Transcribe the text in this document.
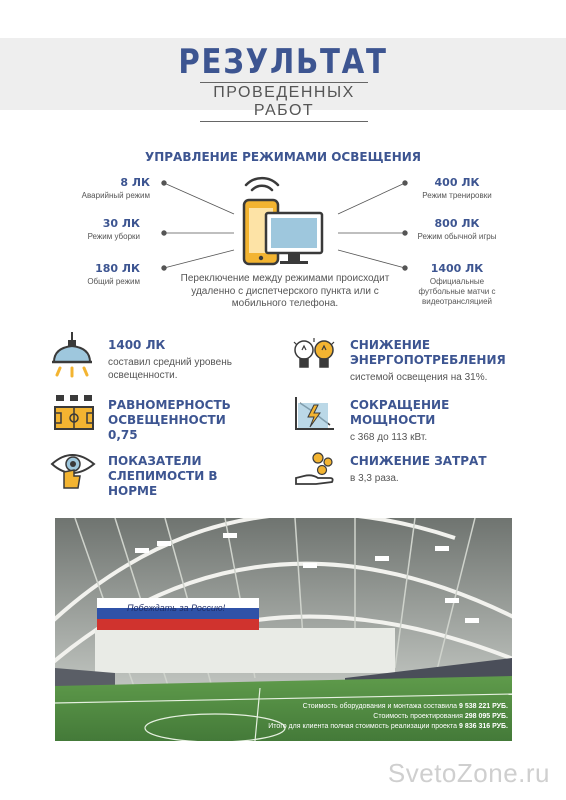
РЕЗУЛЬТАТ
ПРОВЕДЕННЫХ РАБОТ
УПРАВЛЕНИЕ РЕЖИМАМИ ОСВЕЩЕНИЯ
8 ЛК
Аварийный режим
30 ЛК
Режим уборки
180 ЛК
Общий режим
400 ЛК
Режим тренировки
800 ЛК
Режим обычной игры
1400 ЛК
Официальные футбольные матчи с видеотрансляцией
Переключение между режимами происходит удаленно с диспетчерского пункта или с мобильного телефона.
1400 ЛК
составил средний уровень освещенности.
СНИЖЕНИЕ ЭНЕРГОПОТРЕБЛЕНИЯ
системой освещения на 31%.
РАВНОМЕРНОСТЬ ОСВЕЩЕННОСТИ 0,75
СОКРАЩЕНИЕ МОЩНОСТИ
с 368 до 113 кВт.
ПОКАЗАТЕЛИ СЛЕПИМОСТИ В НОРМЕ
СНИЖЕНИЕ ЗАТРАТ
в 3,3 раза.
Побеждать за Россию!
Стоимость оборудования и монтажа составила 9 538 221 РУБ.
Стоимость проектирования 298 095 РУБ.
Итого для клиента полная стоимость реализации проекта 9 836 316 РУБ.
SvetoZone.ru
